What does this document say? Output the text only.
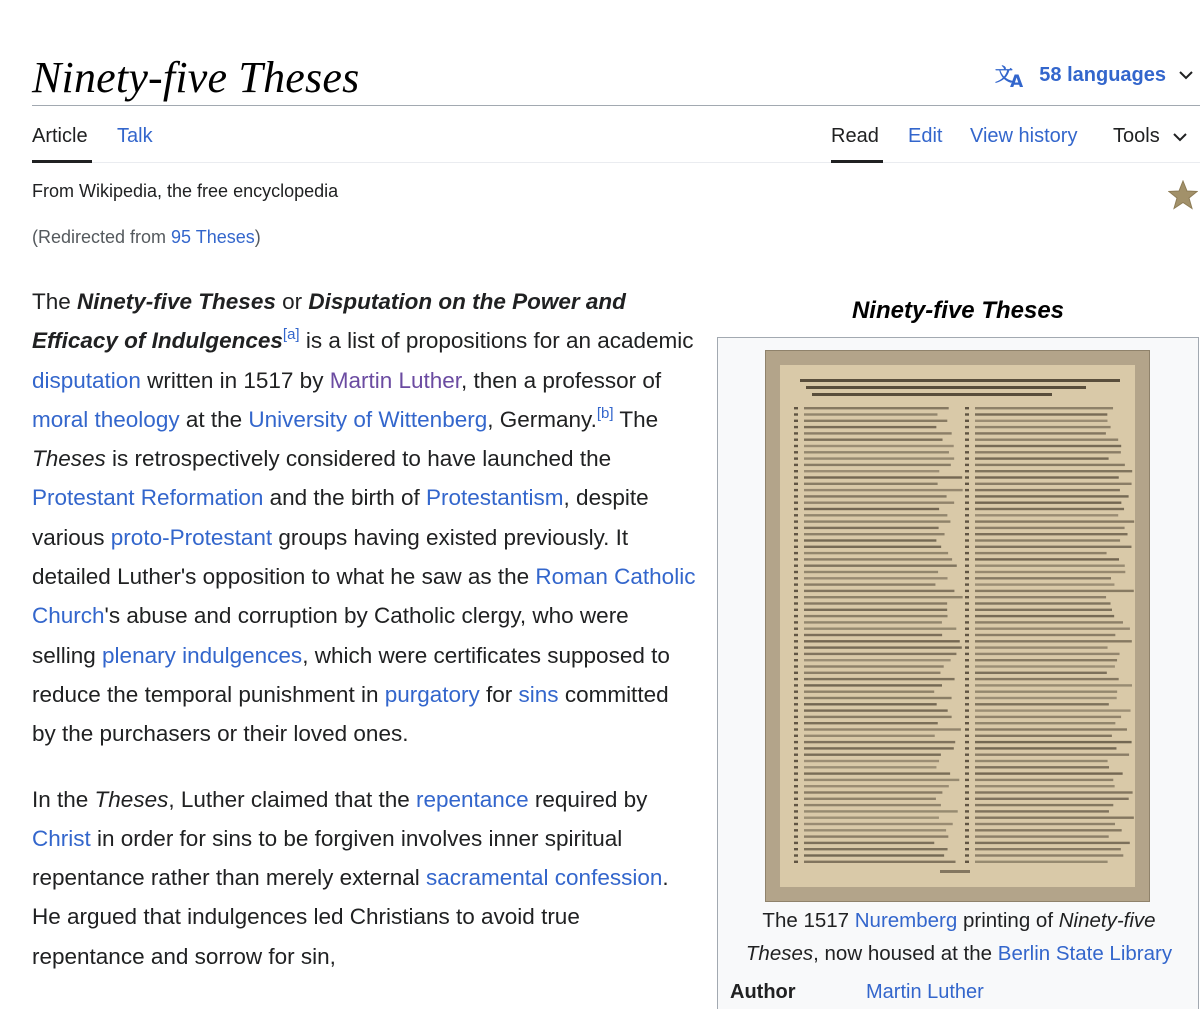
Ninety-five Theses	文
A 58 languages
Article Talk	Read Edit View history Tools
From Wikipedia, the free encyclopedia
(Redirected from 95 Theses)

The Ninety-five Theses or Disputation on the Power and Efficacy of Indulgences[a] is a list of propositions for an academic disputation written in 1517 by Martin Luther, then a professor of moral theology at the University of Wittenberg, Germany.[b] The Theses is retrospectively considered to have launched the Protestant Reformation and the birth of Protestantism, despite various proto-Protestant groups having existed previously. It detailed Luther's opposition to what he saw as the Roman Catholic Church's abuse and corruption by Catholic clergy, who were selling plenary indulgences, which were certificates supposed to reduce the temporal punishment in purgatory for sins committed by the purchasers or their loved ones.

In the Theses, Luther claimed that the repentance required by Christ in order for sins to be forgiven involves inner spiritual repentance rather than merely external sacramental confession. He argued that indulgences led Christians to avoid true repentance and sorrow for sin,

Ninety-five Theses
The 1517 Nuremberg printing of Ninety-five Theses, now housed at the Berlin State Library
Author	Martin Luther
